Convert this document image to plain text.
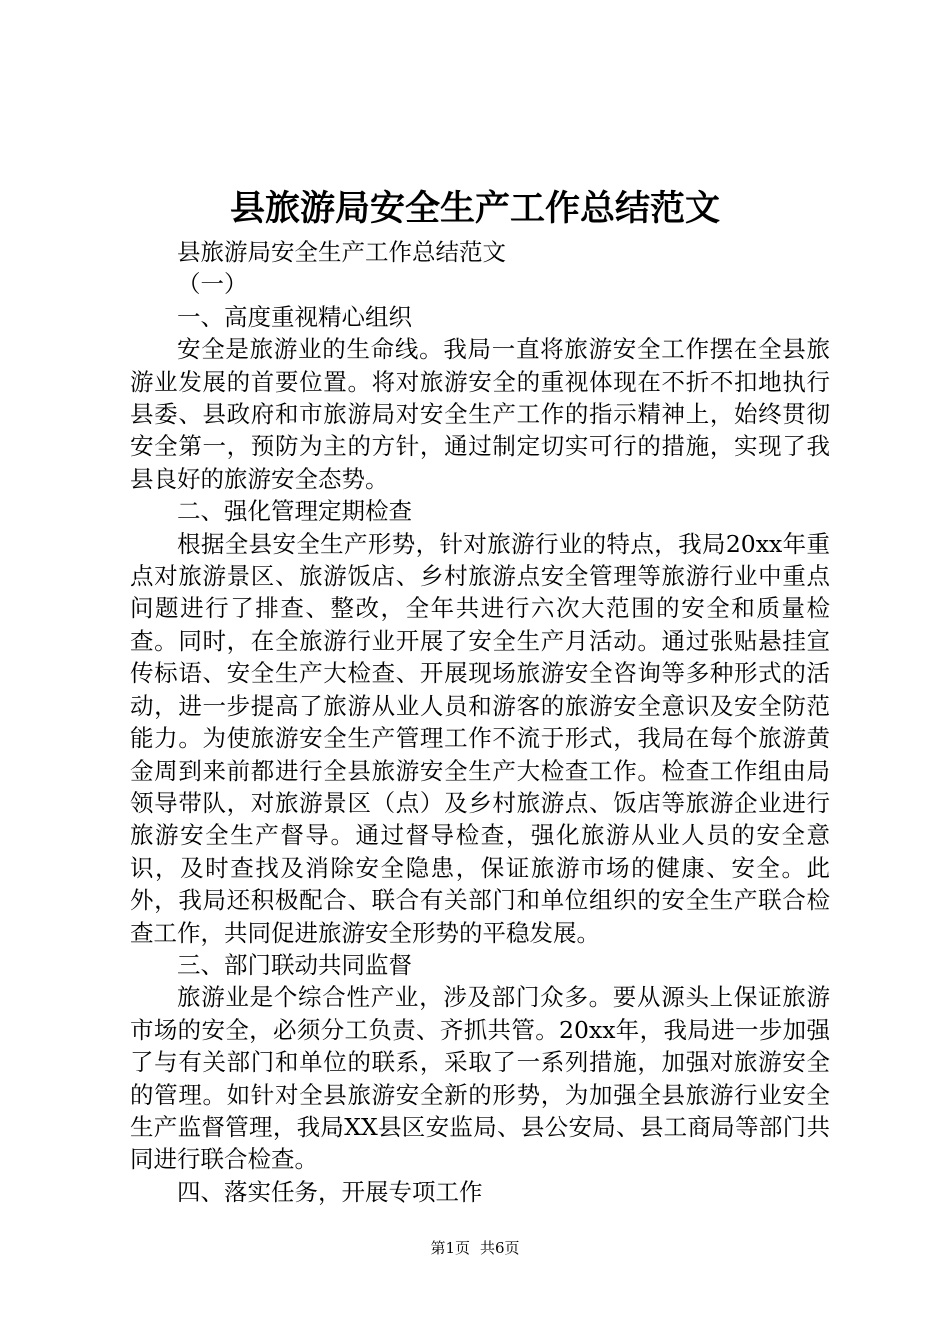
县旅游局安全生产工作总结范文

县旅游局安全生产工作总结范文

（一）

一、高度重视精心组织

安全是旅游业的生命线。我局一直将旅游安全工作摆在全县旅游业发展的首要位置。将对旅游安全的重视体现在不折不扣地执行县委、县政府和市旅游局对安全生产工作的指示精神上，始终贯彻安全第一，预防为主的方针，通过制定切实可行的措施，实现了我县良好的旅游安全态势。

二、强化管理定期检查

根据全县安全生产形势，针对旅游行业的特点，我局20xx年重点对旅游景区、旅游饭店、乡村旅游点安全管理等旅游行业中重点问题进行了排查、整改，全年共进行六次大范围的安全和质量检查。同时，在全旅游行业开展了安全生产月活动。通过张贴悬挂宣传标语、安全生产大检查、开展现场旅游安全咨询等多种形式的活动，进一步提高了旅游从业人员和游客的旅游安全意识及安全防范能力。为使旅游安全生产管理工作不流于形式，我局在每个旅游黄金周到来前都进行全县旅游安全生产大检查工作。检查工作组由局领导带队，对旅游景区（点）及乡村旅游点、饭店等旅游企业进行旅游安全生产督导。通过督导检查，强化旅游从业人员的安全意识，及时查找及消除安全隐患，保证旅游市场的健康、安全。此外，我局还积极配合、联合有关部门和单位组织的安全生产联合检查工作，共同促进旅游安全形势的平稳发展。

三、部门联动共同监督

旅游业是个综合性产业，涉及部门众多。要从源头上保证旅游市场的安全，必须分工负责、齐抓共管。20xx年，我局进一步加强了与有关部门和单位的联系，采取了一系列措施，加强对旅游安全的管理。如针对全县旅游安全新的形势，为加强全县旅游行业安全生产监督管理，我局XX县区安监局、县公安局、县工商局等部门共同进行联合检查。

四、落实任务，开展专项工作

第1页 共6页
